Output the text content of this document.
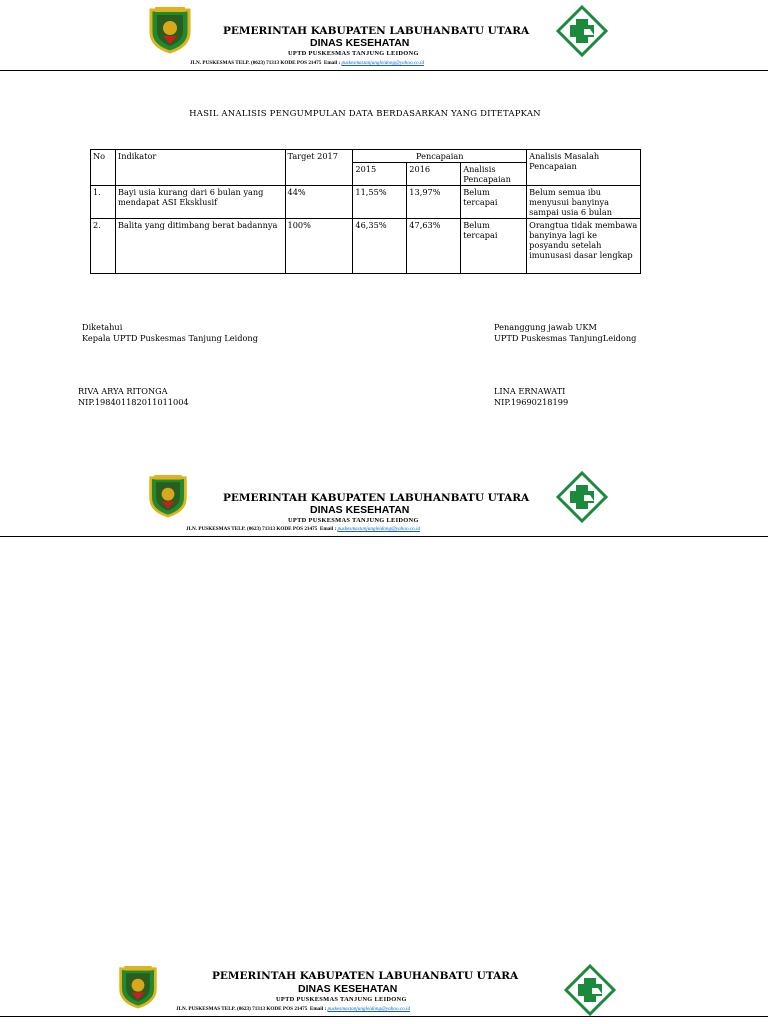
PEMERINTAH KABUPATEN LABUHANBATU UTARA
DINAS KESEHATAN
UPTD PUSKESMAS TANJUNG LEIDONG
JLN. PUSKESMAS TELP. (0623) 71313 KODE POS 21475 Email : puskesmastanjungleidong@yahoo.co.id
HASIL ANALISIS PENGUMPULAN DATA BERDASARKAN YANG DITETAPKAN
No	Indikator	Target 2017	Pencapaian			Analisis Masalah Pencapaian
			2015	2016	Analisis Pencapaian	
1.	Bayi usia kurang dari 6 bulan yang mendapat ASI Eksklusif	44%	11,55%	13,97%	Belum tercapai	Belum semua ibu menyusui banyinya sampai usia 6 bulan
2.	Balita yang ditimbang berat badannya	100%	46,35%	47,63%	Belum tercapai	Orangtua tidak membawa banyinya lagi ke posyandu setelah imunusasi dasar lengkap
Diketahui
Kepala UPTD Puskesmas Tanjung Leidong
RIVA ARYA RITONGA
NIP.198401182011011004
Penanggung jawab UKM
UPTD Puskesmas TanjungLeidong
LINA ERNAWATI
NIP.19690218199
PEMERINTAH KABUPATEN LABUHANBATU UTARA
DINAS KESEHATAN
UPTD PUSKESMAS TANJUNG LEIDONG
JLN. PUSKESMAS TELP. (0623) 71313 KODE POS 21475 Email : puskesmastanjungleidong@yahoo.co.id
PEMERINTAH KABUPATEN LABUHANBATU UTARA
DINAS KESEHATAN
UPTD PUSKESMAS TANJUNG LEIDONG
JLN. PUSKESMAS TELP. (0623) 71313 KODE POS 21475 Email : puskesmastanjungleidong@yahoo.co.id
